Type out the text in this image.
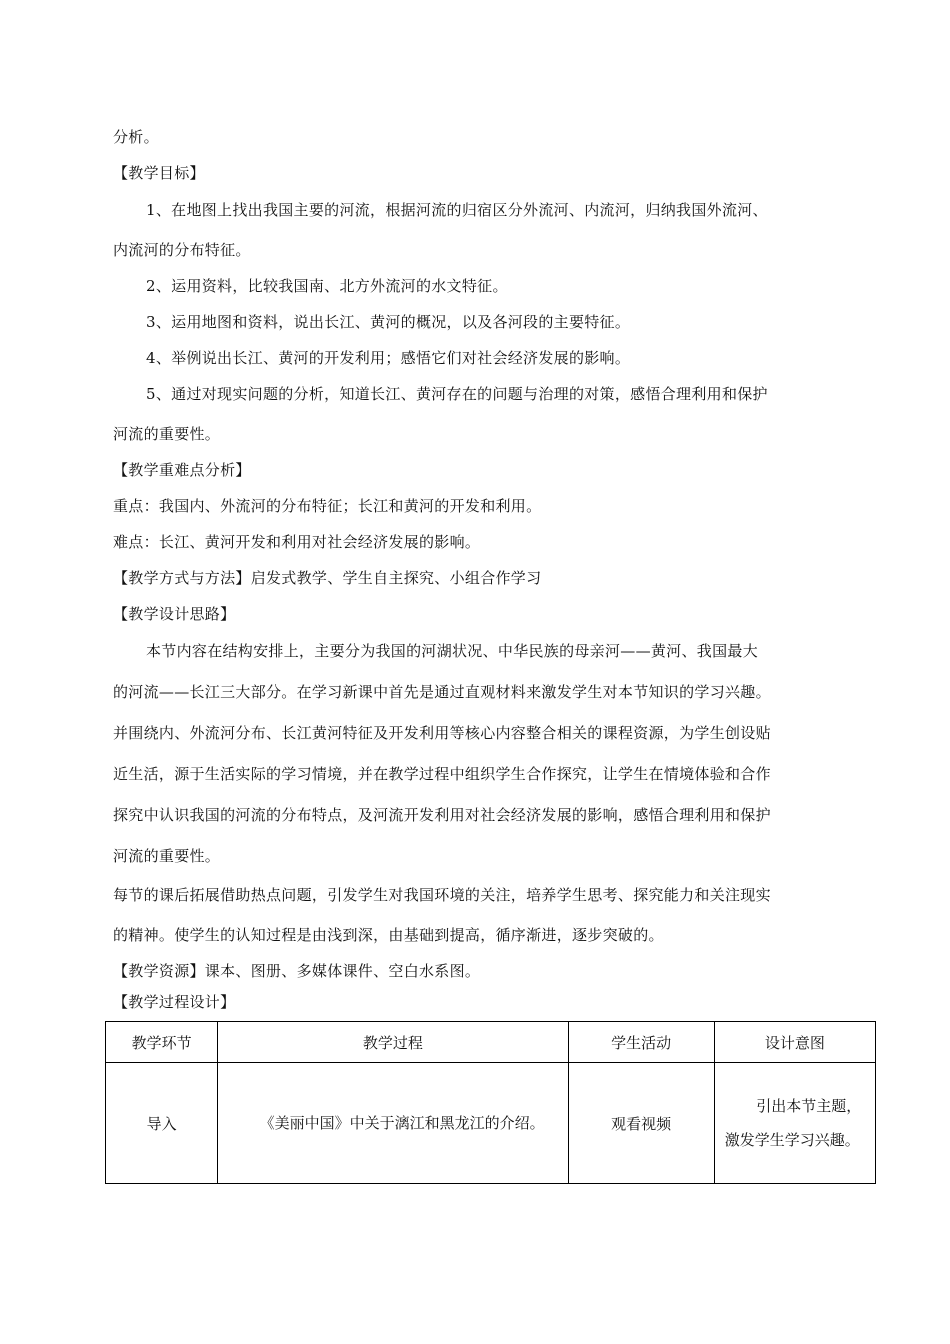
分析。
【教学目标】
1、在地图上找出我国主要的河流，根据河流的归宿区分外流河、内流河，归纳我国外流河、
内流河的分布特征。
2、运用资料，比较我国南、北方外流河的水文特征。
3、运用地图和资料，说出长江、黄河的概况，以及各河段的主要特征。
4、举例说出长江、黄河的开发利用；感悟它们对社会经济发展的影响。
5、通过对现实问题的分析，知道长江、黄河存在的问题与治理的对策，感悟合理利用和保护
河流的重要性。
【教学重难点分析】
重点：我国内、外流河的分布特征；长江和黄河的开发和利用。
难点：长江、黄河开发和利用对社会经济发展的影响。
【教学方式与方法】启发式教学、学生自主探究、小组合作学习
【教学设计思路】
本节内容在结构安排上，主要分为我国的河湖状况、中华民族的母亲河——黄河、我国最大
的河流——长江三大部分。在学习新课中首先是通过直观材料来激发学生对本节知识的学习兴趣。
并围绕内、外流河分布、长江黄河特征及开发利用等核心内容整合相关的课程资源，为学生创设贴
近生活，源于生活实际的学习情境，并在教学过程中组织学生合作探究，让学生在情境体验和合作
探究中认识我国的河流的分布特点，及河流开发利用对社会经济发展的影响，感悟合理利用和保护
河流的重要性。
每节的课后拓展借助热点问题，引发学生对我国环境的关注，培养学生思考、探究能力和关注现实
的精神。使学生的认知过程是由浅到深，由基础到提高，循序渐进，逐步突破的。
【教学资源】课本、图册、多媒体课件、空白水系图。
【教学过程设计】
教学环节	教学过程	学生活动	设计意图
导入	《美丽中国》中关于漓江和黑龙江的介绍。	观看视频	引出本节主题，激发学生学习兴趣。
